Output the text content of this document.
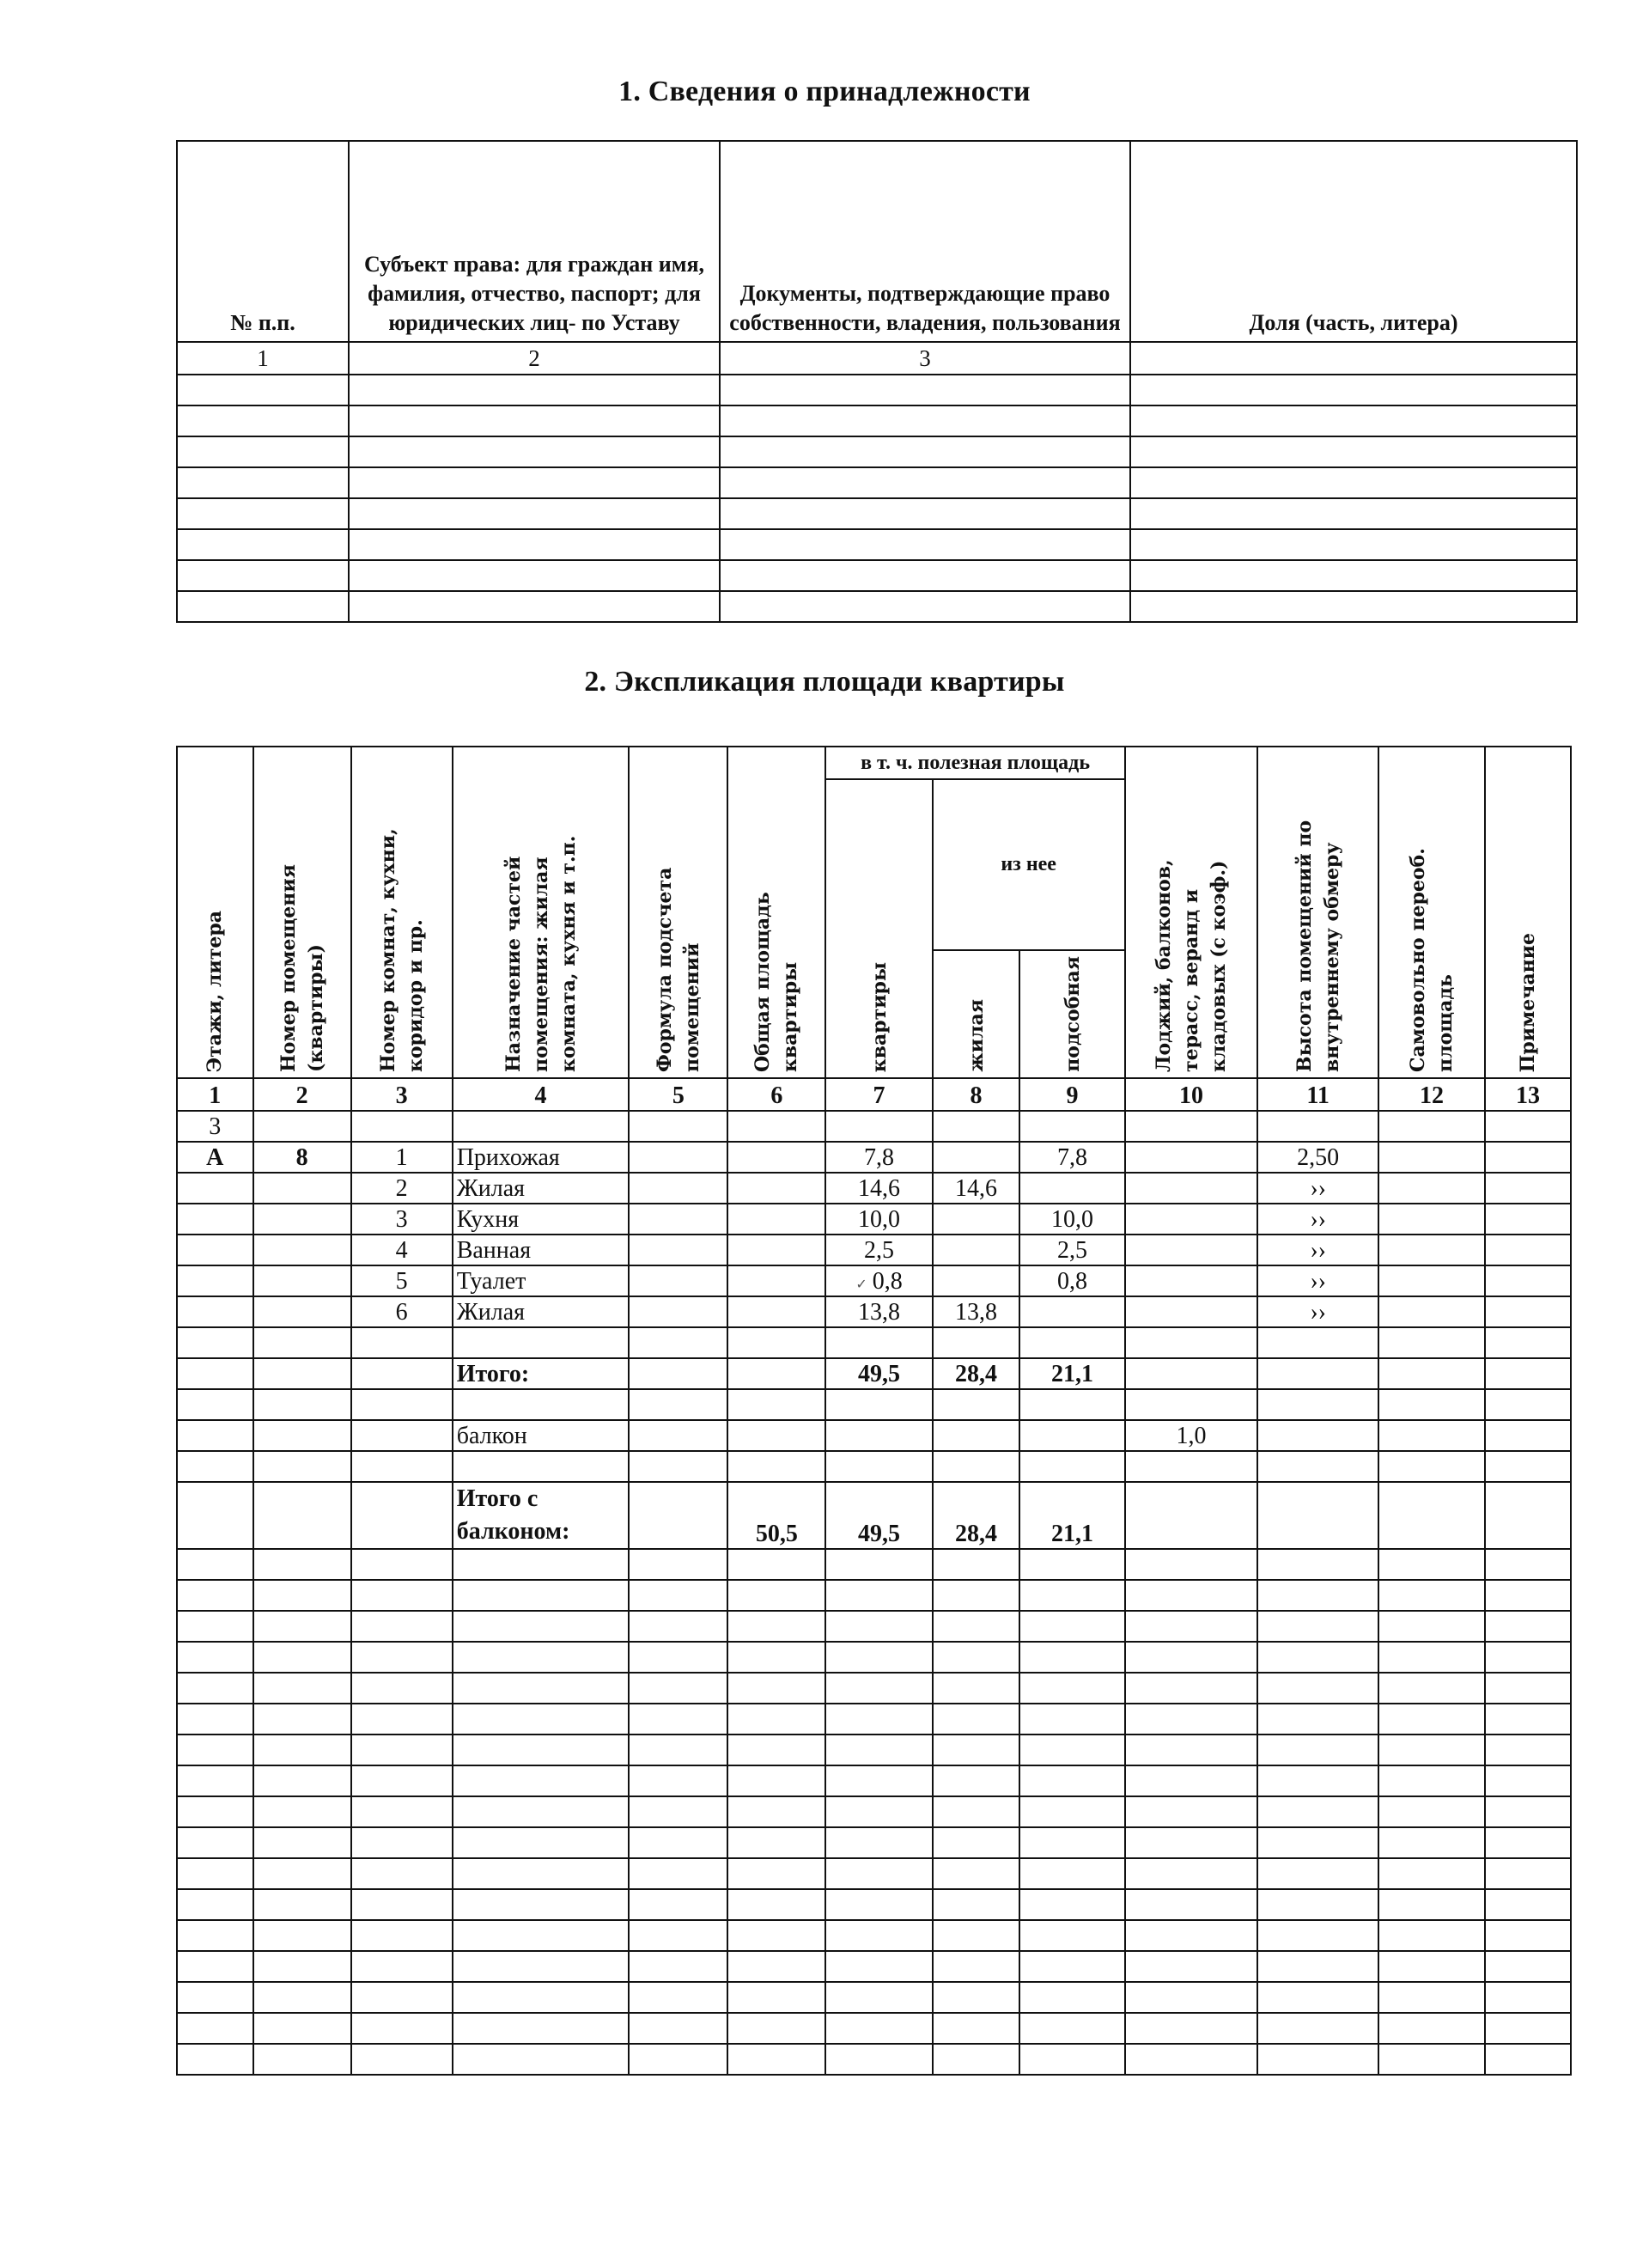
1. Сведения о принадлежности
№ п.п.	Субъект права: для граждан имя, фамилия, отчество, паспорт; для юридических лиц- по Уставу	Документы, подтверждающие право собственности, владения, пользования	Доля (часть, литера)
1	2	3	

2. Экспликация площади квартиры
Этажи, литера	Номер помещения (квартиры)	Номер комнат, кухни, коридор и пр.	Назначение частей помещения: жилая комната, кухня и т.п.	Формула подсчета помещений	Общая площадь квартиры	в т. ч. полезная площадь			Лоджий, балконов, терасс, веранд и кладовых (с коэф.)	Высота помещений по внутреннему обмеру	Самовольно переоб. площадь	Примечание

						квартиры	из нее					

							жилая	подсобная				

1	2	3	4	5	6	7	8	9	10	11	12	13
3												
А	8	1	Прихожая			7,8		7,8		2,50		
		2	Жилая			14,6	14,6			››		
		3	Кухня			10,0		10,0		››		
		4	Ванная			2,5		2,5		››		
		5	Туалет			✓ 0,8		0,8		››		
		6	Жилая			13,8	13,8			››		

			Итого:			49,5	28,4	21,1				

			балкон						1,0			

			Итого с балконом:		50,5	49,5	28,4	21,1				
